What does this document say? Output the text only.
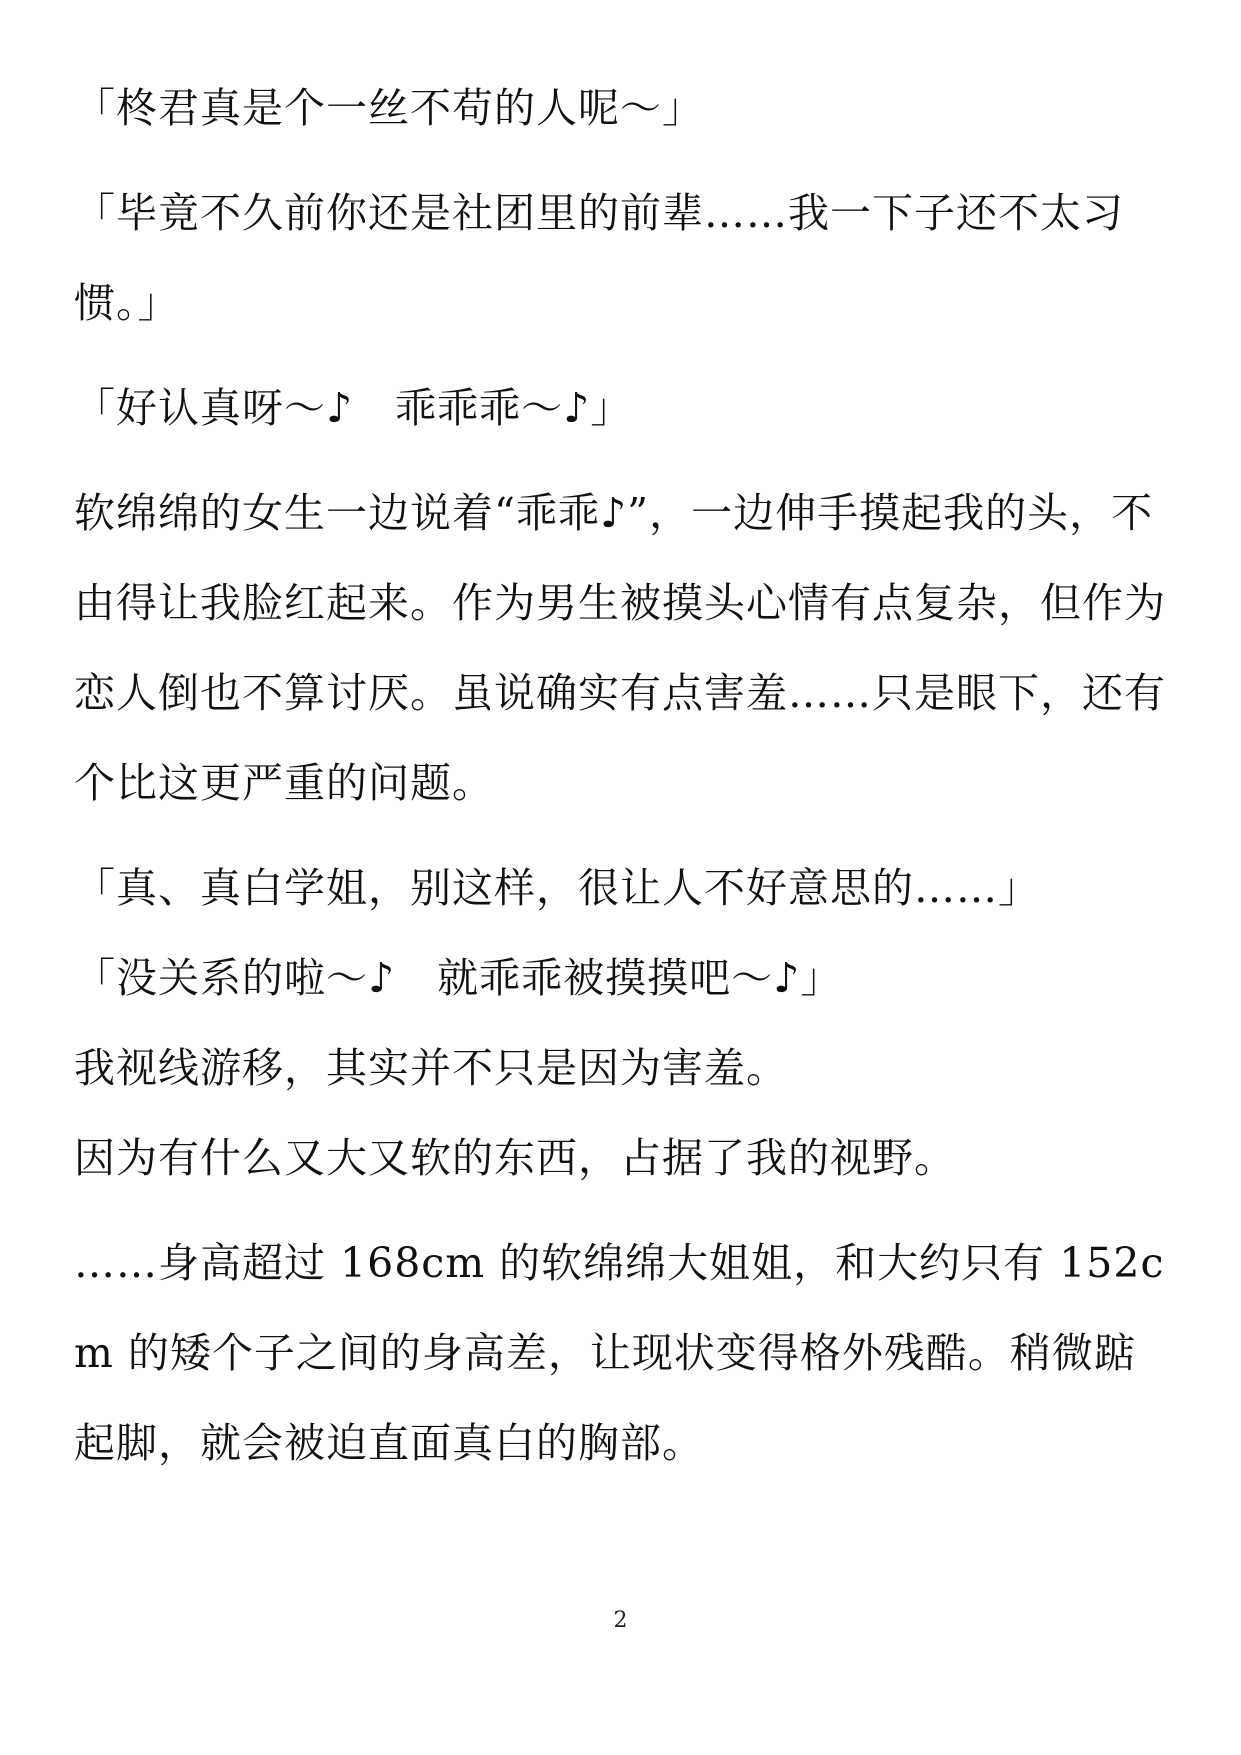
「柊君真是个一丝不苟的人呢～」

「毕竟不久前你还是社团里的前辈……我一下子还不太习惯。」

「好认真呀～♪　乖乖乖～♪」

软绵绵的女生一边说着“乖乖♪”，一边伸手摸起我的头，不由得让我脸红起来。作为男生被摸头心情有点复杂，但作为恋人倒也不算讨厌。虽说确实有点害羞……只是眼下，还有个比这更严重的问题。

「真、真白学姐，别这样，很让人不好意思的……」

「没关系的啦～♪　就乖乖被摸摸吧～♪」

我视线游移，其实并不只是因为害羞。

因为有什么又大又软的东西，占据了我的视野。

……身高超过 168cm 的软绵绵大姐姐，和大约只有 152cm 的矮个子之间的身高差，让现状变得格外残酷。稍微踮起脚，就会被迫直面真白的胸部。

2
